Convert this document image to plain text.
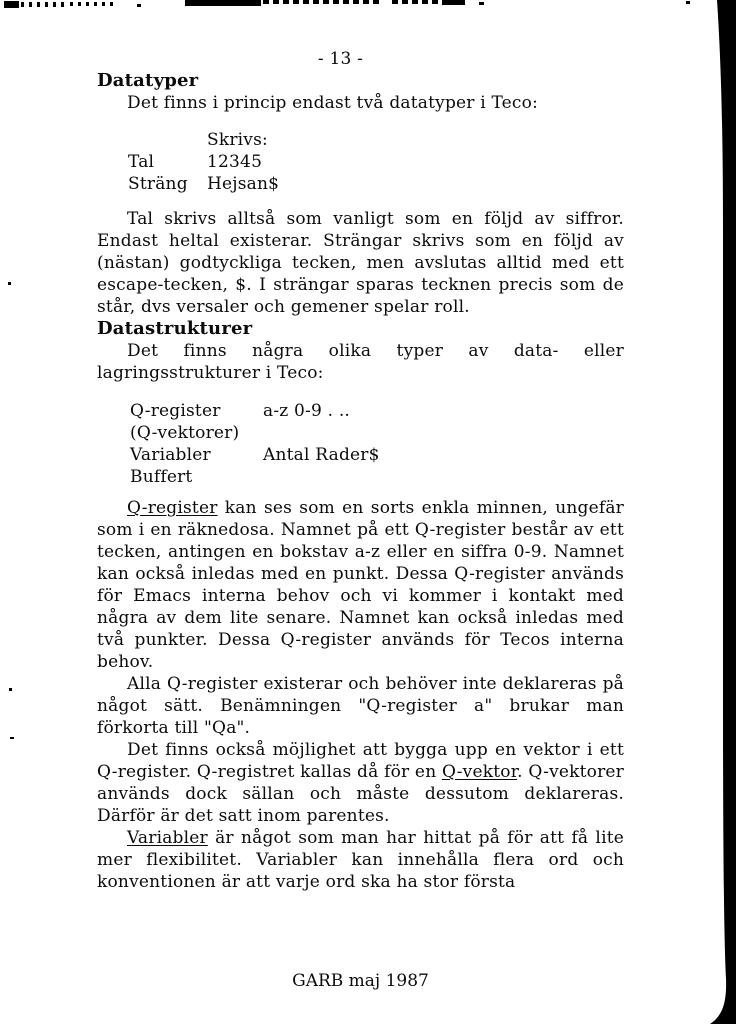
- 13 -
Datatyper

Det finns i princip endast två datatyper i Teco:

Skrivs:
Tal	12345
Sträng Hejsan$

Tal skrivs alltså som vanligt som en följd av siffror. Endast heltal existerar. Strängar skrivs som en följd av (nästan) godtyckliga tecken, men avslutas alltid med ett escape-tecken, $. I strängar sparas tecknen precis som de står, dvs versaler och gemener spelar roll.

Datastrukturer

Det finns några olika typer av data- eller lagringsstrukturer i Teco:

Q-register a-z 0-9 . ..
(Q-vektorer)
Variabler	Antal Rader$
Buffert

Q-register kan ses som en sorts enkla minnen, ungefär som i en räknedosa. Namnet på ett Q-register består av ett tecken, antingen en bokstav a-z eller en siffra 0-9. Namnet kan också inledas med en punkt. Dessa Q-register används för Emacs interna behov och vi kommer i kontakt med några av dem lite senare. Namnet kan också inledas med två punkter. Dessa Q-register används för Tecos interna behov.

Alla Q-register existerar och behöver inte deklareras på något sätt. Benämningen "Q-register a" brukar man förkorta till "Qa".

Det finns också möjlighet att bygga upp en vektor i ett Q-register. Q-registret kallas då för en Q-vektor. Q-vektorer används dock sällan och måste dessutom deklareras. Därför är det satt inom parentes.

Variabler är något som man har hittat på för att få lite mer flexibilitet. Variabler kan innehålla flera ord och konventionen är att varje ord ska ha stor första

GARB maj 1987
